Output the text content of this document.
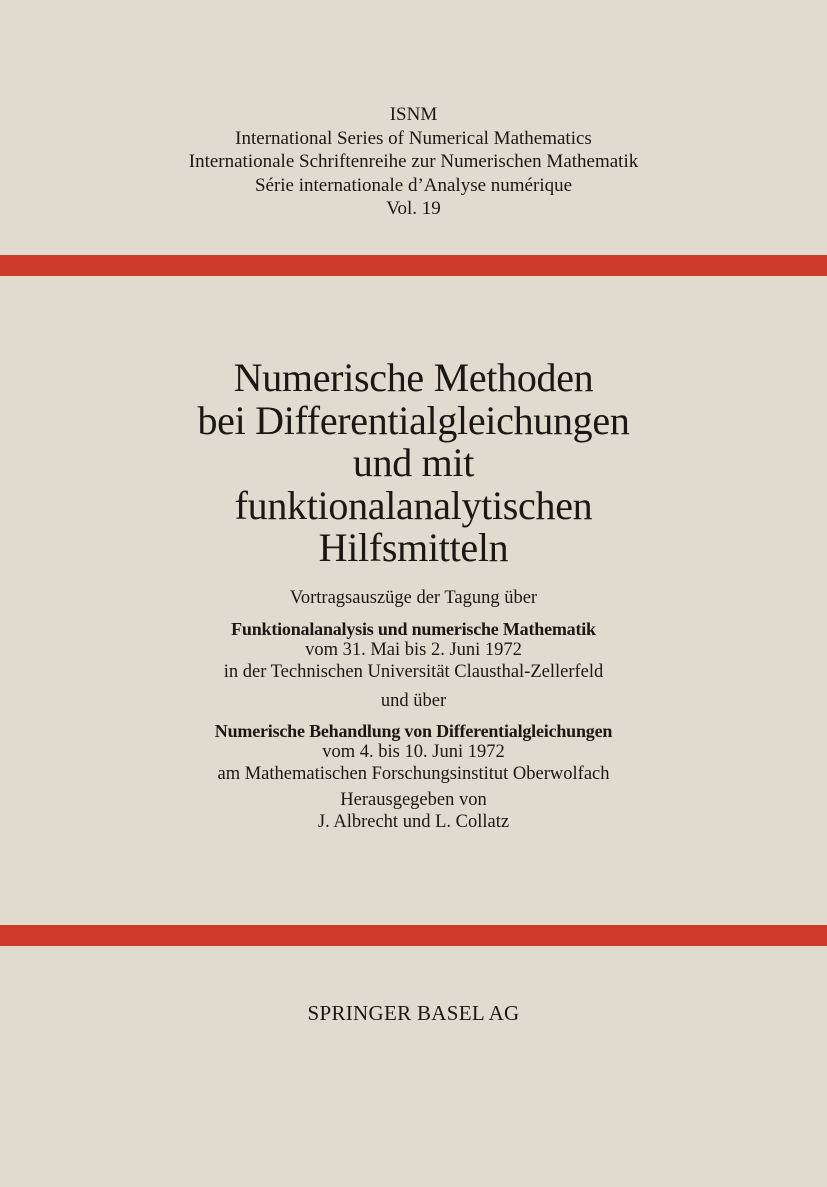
ISNM
International Series of Numerical Mathematics
Internationale Schriftenreihe zur Numerischen Mathematik
Série internationale d’Analyse numérique
Vol. 19
Numerische Methoden
bei Differentialgleichungen
und mit
funktionalanalytischen
Hilfsmitteln
Vortragsauszüge der Tagung über
Funktionalanalysis und numerische Mathematik
vom 31. Mai bis 2. Juni 1972
in der Technischen Universität Clausthal-Zellerfeld
und über
Numerische Behandlung von Differentialgleichungen
vom 4. bis 10. Juni 1972
am Mathematischen Forschungsinstitut Oberwolfach
Herausgegeben von
J. Albrecht und L. Collatz
SPRINGER BASEL AG
